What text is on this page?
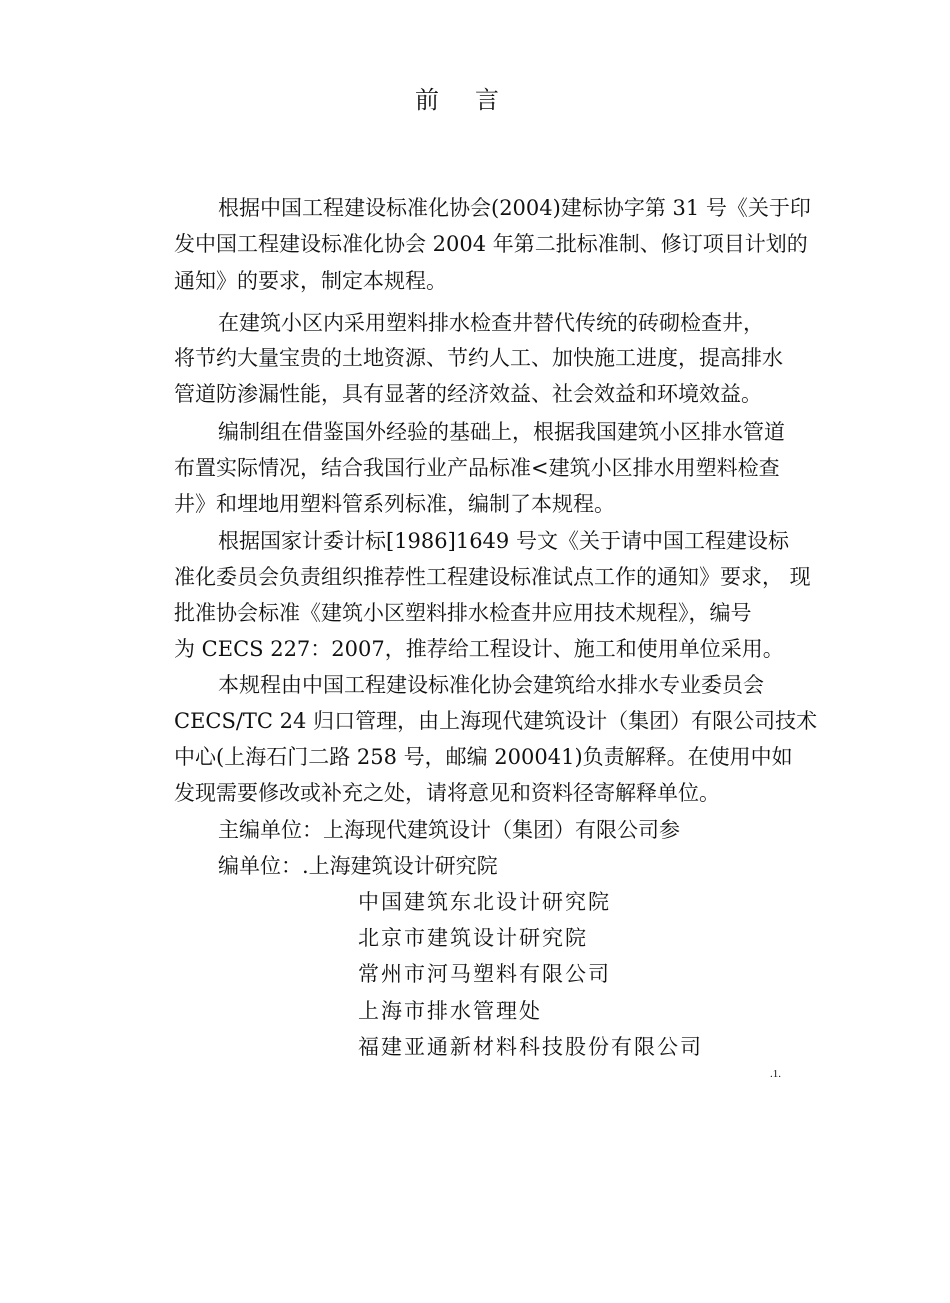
前言
根据中国工程建设标准化协会(2004)建标协字第 31 号《关于印
发中国工程建设标准化协会 2004 年第二批标准制、修订项目计划的
通知》的要求，制定本规程。
在建筑小区内采用塑料排水检查井替代传统的砖砌检查井，
将节约大量宝贵的土地资源、节约人工、加快施工进度，提高排水
管道防渗漏性能，具有显著的经济效益、社会效益和环境效益。
编制组在借鉴国外经验的基础上，根据我国建筑小区排水管道
布置实际情况，结合我国行业产品标准<建筑小区排水用塑料检查
井》和埋地用塑料管系列标准，编制了本规程。
根据国家计委计标[1986]1649 号文《关于请中国工程建设标
准化委员会负责组织推荐性工程建设标准试点工作的通知》要求， 现
批准协会标准《建筑小区塑料排水检查井应用技术规程》，编号
为 CECS 227：2007，推荐给工程设计、施工和使用单位采用。
本规程由中国工程建设标准化协会建筑给水排水专业委员会
CECS/TC 24 归口管理，由上海现代建筑设计（集团）有限公司技术
中心(上海石门二路 258 号，邮编 200041)负责解释。在使用中如
发现需要修改或补充之处，请将意见和资料径寄解释单位。
主编单位：上海现代建筑设计（集团）有限公司参
编单位：.上海建筑设计研究院
中国建筑东北设计研究院
北京市建筑设计研究院
常州市河马塑料有限公司
上海市排水管理处
福建亚通新材料科技股份有限公司
.1.
